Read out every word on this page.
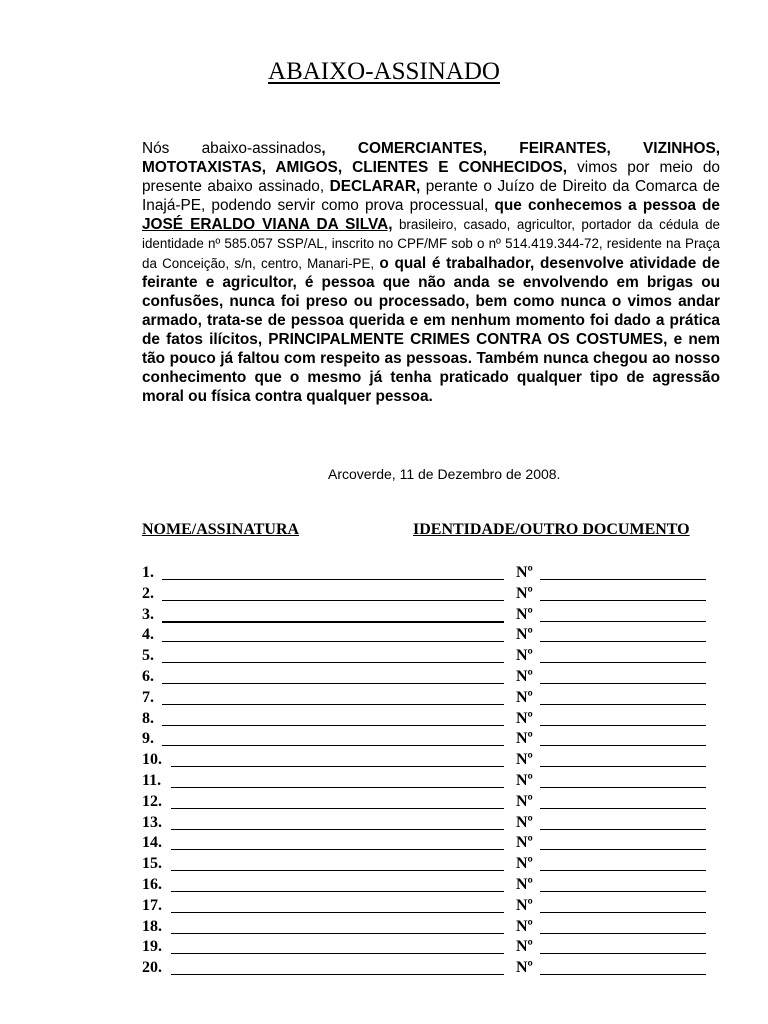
ABAIXO-ASSINADO

Nós abaixo-assinados, COMERCIANTES, FEIRANTES, VIZINHOS, MOTOTAXISTAS, AMIGOS, CLIENTES E CONHECIDOS, vimos por meio do presente abaixo assinado, DECLARAR, perante o Juízo de Direito da Comarca de Inajá-PE, podendo servir como prova processual, que conhecemos a pessoa de JOSÉ ERALDO VIANA DA SILVA, brasileiro, casado, agricultor, portador da cédula de identidade nº 585.057 SSP/AL, inscrito no CPF/MF sob o nº 514.419.344-72, residente na Praça da Conceição, s/n, centro, Manari-PE, o qual é trabalhador, desenvolve atividade de feirante e agricultor, é pessoa que não anda se envolvendo em brigas ou confusões, nunca foi preso ou processado, bem como nunca o vimos andar armado, trata-se de pessoa querida e em nenhum momento foi dado a prática de fatos ilícitos, PRINCIPALMENTE CRIMES CONTRA OS COSTUMES, e nem tão pouco já faltou com respeito as pessoas. Também nunca chegou ao nosso conhecimento que o mesmo já tenha praticado qualquer tipo de agressão moral ou física contra qualquer pessoa.

Arcoverde, 11 de Dezembro de 2008.
NOME/ASSINATURA	IDENTIDADE/OUTRO DOCUMENTO
1.	Nº
2.	Nº
3.	Nº
4.	Nº
5.	Nº
6.	Nº
7.	Nº
8.	Nº
9.	Nº
10.	Nº
11.	Nº
12.	Nº
13.	Nº
14.	Nº
15.	Nº
16.	Nº
17.	Nº
18.	Nº
19.	Nº
20.	Nº
